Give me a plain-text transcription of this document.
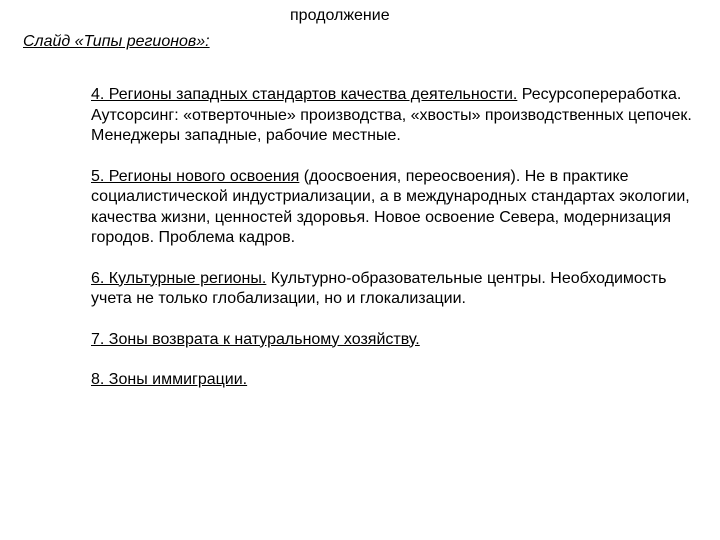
продолжение
Слайд «Типы регионов»:

4. Регионы западных стандартов качества деятельности. Ресурсопереработка. Аутсорсинг: «отверточные» производства, «хвосты» производственных цепочек. Менеджеры западные, рабочие местные.

5. Регионы нового освоения (доосвоения, переосвоения). Не в практике социалистической индустриализации, а в международных стандартах экологии, качества жизни, ценностей здоровья. Новое освоение Севера, модернизация городов. Проблема кадров.

6. Культурные регионы. Культурно-образовательные центры. Необходимость учета не только глобализации, но и глокализации.

7. Зоны возврата к натуральному хозяйству.

8. Зоны иммиграции.
